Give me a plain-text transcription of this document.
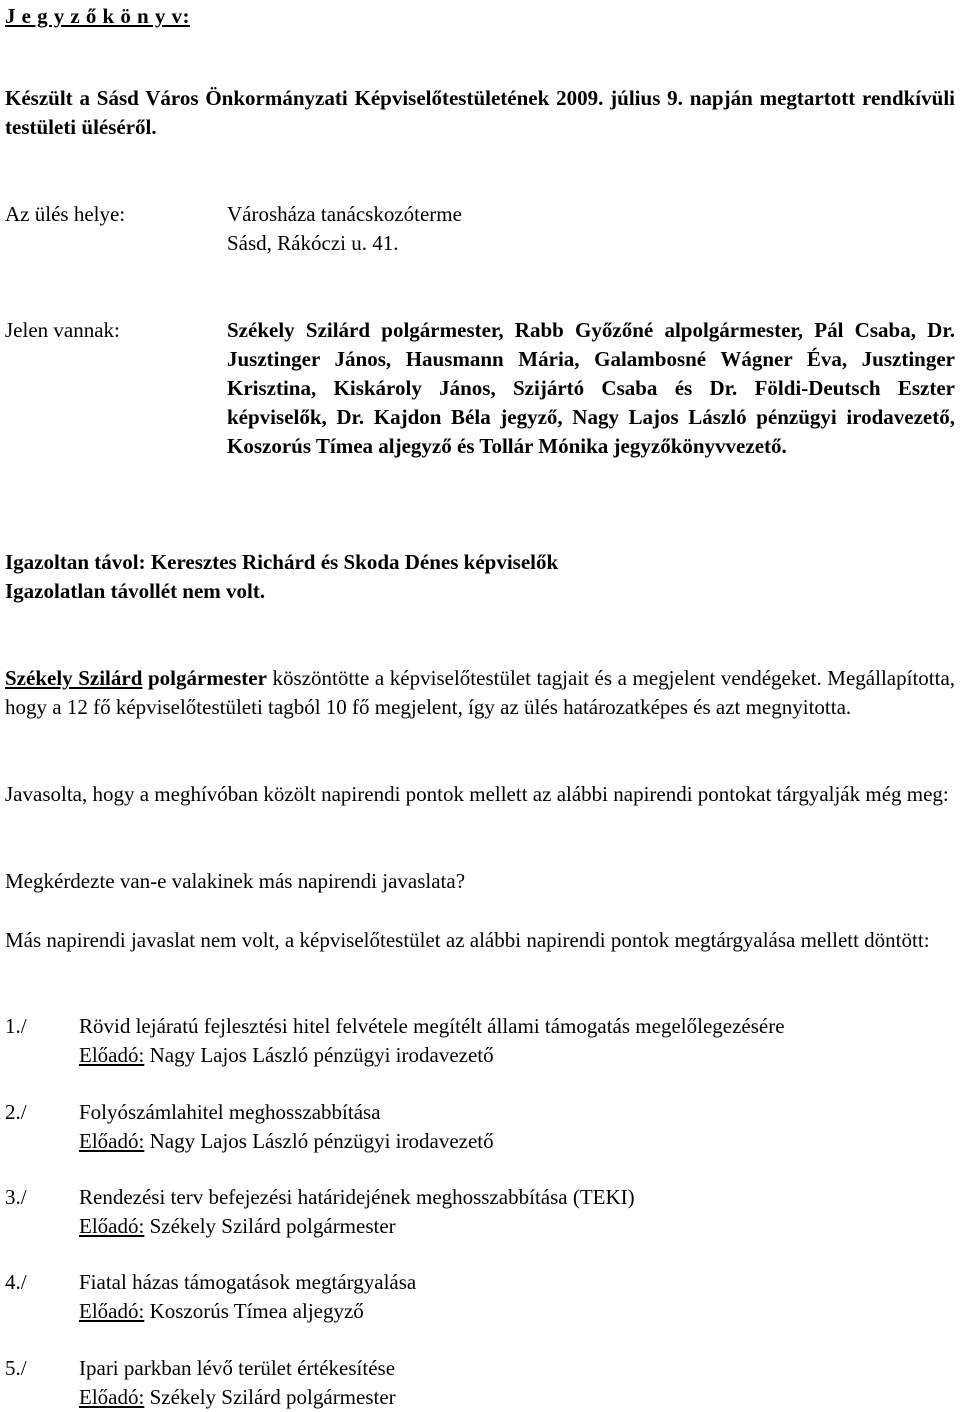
J e g y z ő k ö n y v:

Készült a Sásd Város Önkormányzati Képviselőtestületének 2009. július 9. napján megtartott rendkívüli testületi üléséről.

Az ülés helye:	Városháza tanácskozóterme
Sásd, Rákóczi u. 41.
Jelen vannak:	Székely Szilárd polgármester, Rabb Győzőné alpolgármester, Pál Csaba, Dr. Jusztinger János, Hausmann Mária, Galambosné Wágner Éva, Jusztinger Krisztina, Kiskároly János, Szijártó Csaba és Dr. Földi-Deutsch Eszter képviselők, Dr. Kajdon Béla jegyző, Nagy Lajos László pénzügyi irodavezető, Koszorús Tímea aljegyző és Tollár Mónika jegyzőkönyvvezető.

Igazoltan távol: Keresztes Richárd és Skoda Dénes képviselők
Igazolatlan távollét nem volt.

Székely Szilárd polgármester köszöntötte a képviselőtestület tagjait és a megjelent vendégeket. Megállapította, hogy a 12 fő képviselőtestületi tagból 10 fő megjelent, így az ülés határozatképes és azt megnyitotta.

Javasolta, hogy a meghívóban közölt napirendi pontok mellett az alábbi napirendi pontokat tárgyalják még meg:

Megkérdezte van-e valakinek más napirendi javaslata?

Más napirendi javaslat nem volt, a képviselőtestület az alábbi napirendi pontok megtárgyalása mellett döntött:

1./ Rövid lejáratú fejlesztési hitel felvétele megítélt állami támogatás megelőlegezésére
Előadó: Nagy Lajos László pénzügyi irodavezető
2./ Folyószámlahitel meghosszabbítása
Előadó: Nagy Lajos László pénzügyi irodavezető
3./ Rendezési terv befejezési határidejének meghosszabbítása (TEKI)
Előadó: Székely Szilárd polgármester
4./ Fiatal házas támogatások megtárgyalása
Előadó: Koszorús Tímea aljegyző
5./ Ipari parkban lévő terület értékesítése
Előadó: Székely Szilárd polgármester
